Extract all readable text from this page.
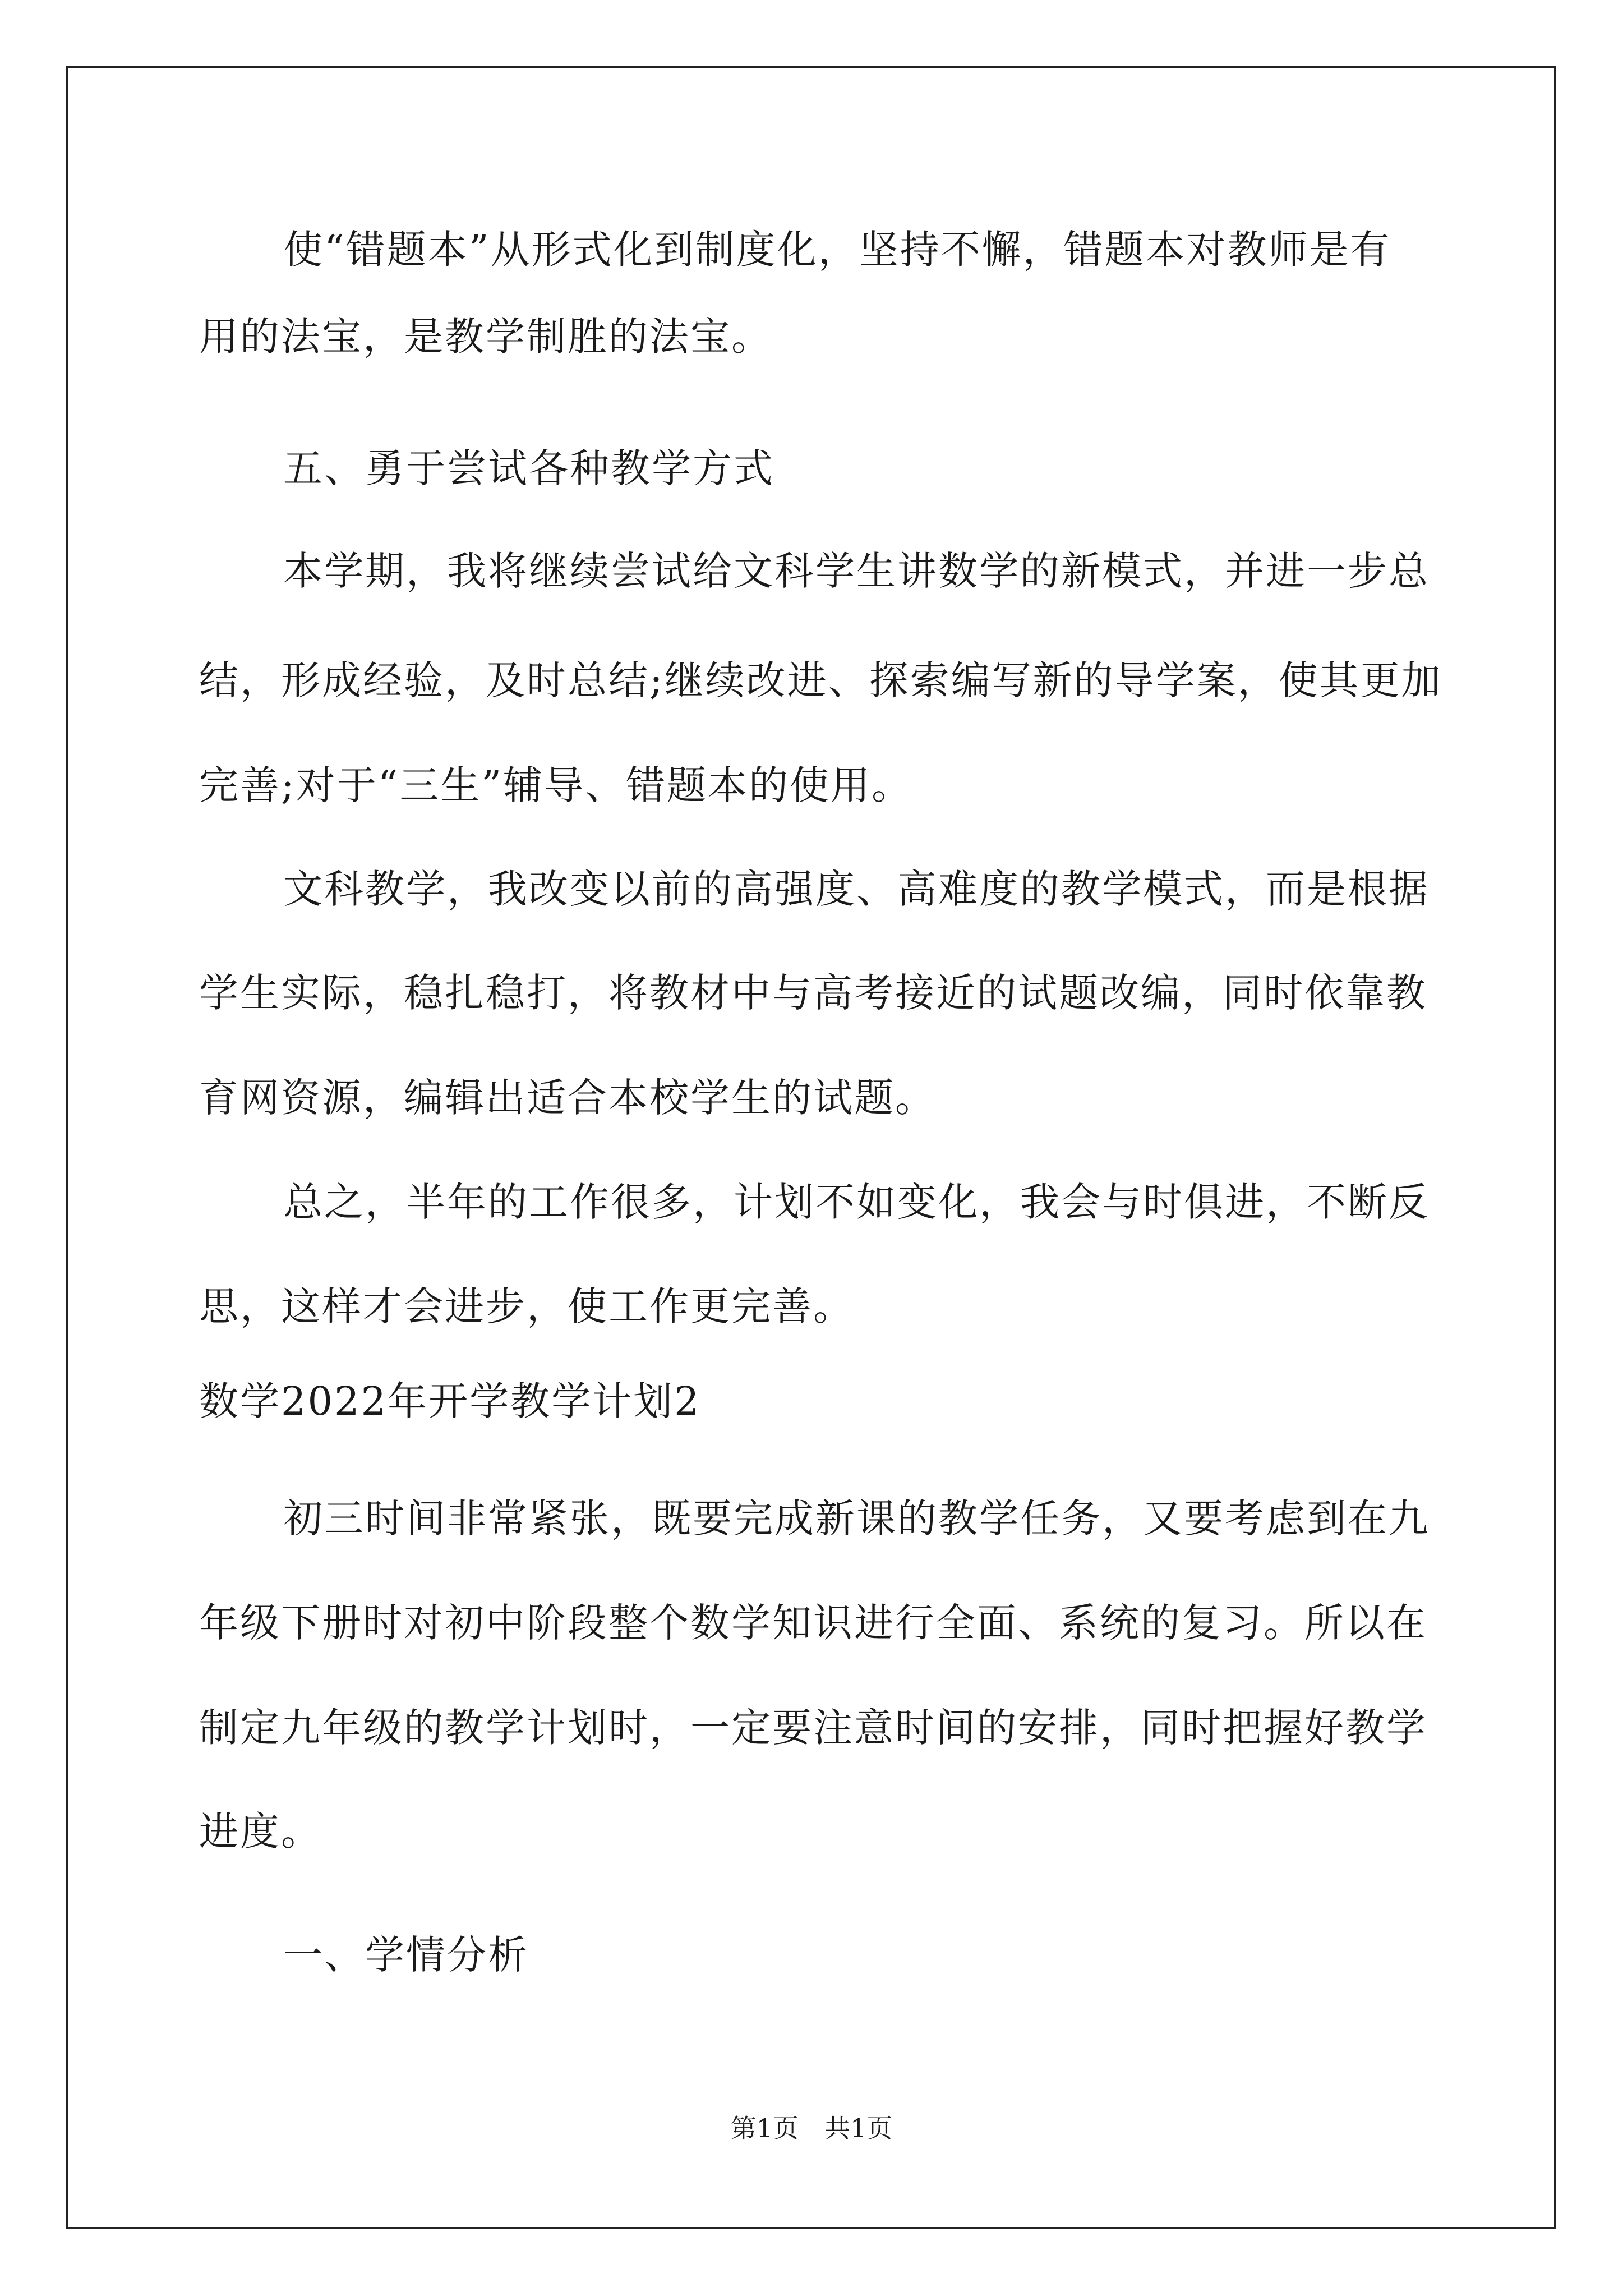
使“错题本”从形式化到制度化，坚持不懈，错题本对教师是有

用的法宝，是教学制胜的法宝。

五、勇于尝试各种教学方式

本学期，我将继续尝试给文科学生讲数学的新模式，并进一步总

结，形成经验，及时总结;继续改进、探索编写新的导学案，使其更加

完善;对于“三生”辅导、错题本的使用。

文科教学，我改变以前的高强度、高难度的教学模式，而是根据

学生实际，稳扎稳打，将教材中与高考接近的试题改编，同时依靠教

育网资源，编辑出适合本校学生的试题。

总之，半年的工作很多，计划不如变化，我会与时俱进，不断反

思，这样才会进步，使工作更完善。

数学2022年开学教学计划2

初三时间非常紧张，既要完成新课的教学任务，又要考虑到在九

年级下册时对初中阶段整个数学知识进行全面、系统的复习。所以在

制定九年级的教学计划时，一定要注意时间的安排，同时把握好教学

进度。

一、学情分析

第1页 共1页
